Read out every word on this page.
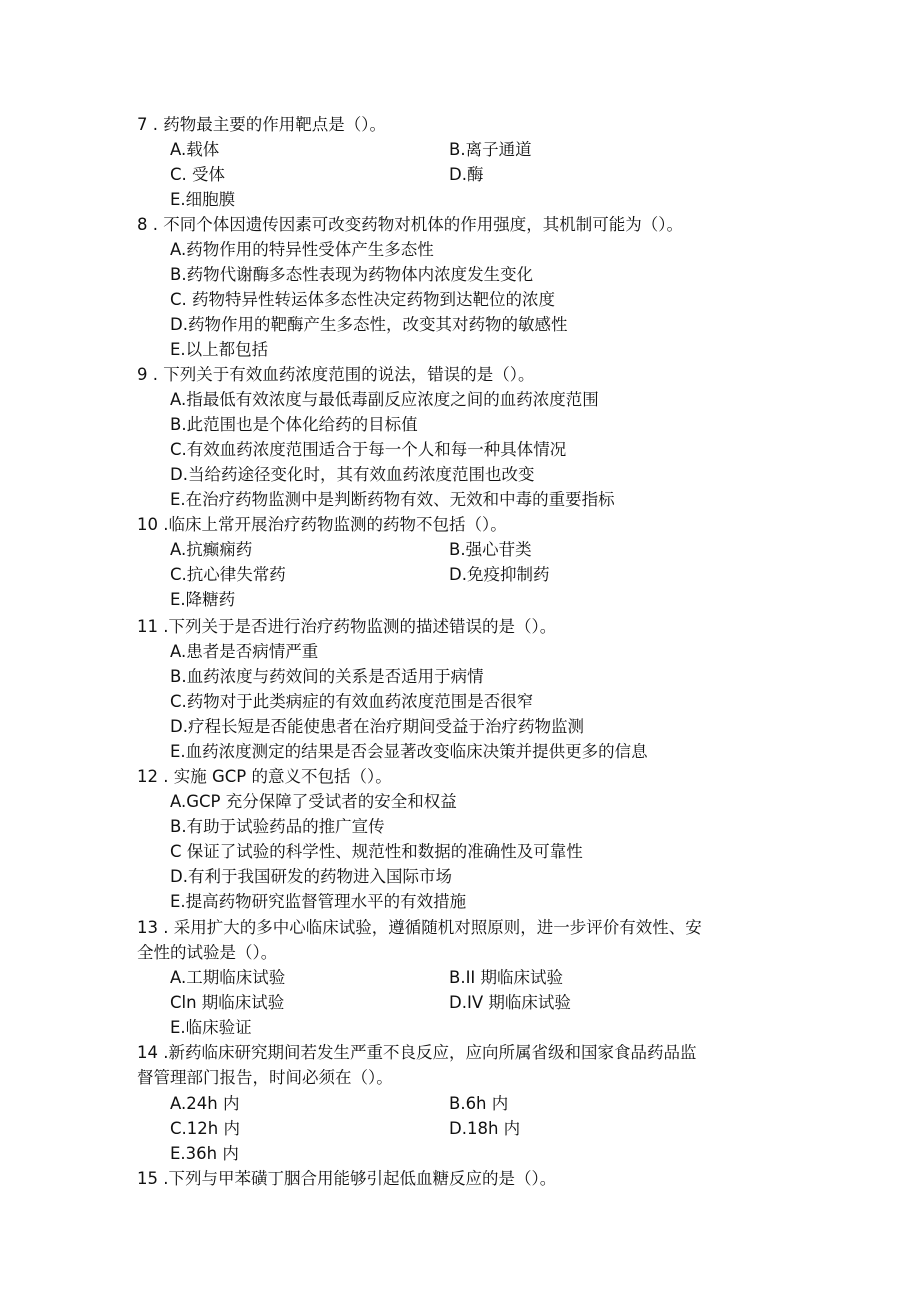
7 . 药物最主要的作用靶点是（）。
A.载体	B.离子通道
C. 受体	D.酶
E.细胞膜
8 . 不同个体因遗传因素可改变药物对机体的作用强度，其机制可能为（）。
A.药物作用的特异性受体产生多态性
B.药物代谢酶多态性表现为药物体内浓度发生变化
C. 药物特异性转运体多态性决定药物到达靶位的浓度
D.药物作用的靶酶产生多态性，改变其对药物的敏感性
E.以上都包括
9 . 下列关于有效血药浓度范围的说法，错误的是（）。
A.指最低有效浓度与最低毒副反应浓度之间的血药浓度范围
B.此范围也是个体化给药的目标值
C.有效血药浓度范围适合于每一个人和每一种具体情况
D.当给药途径变化时，其有效血药浓度范围也改变
E.在治疗药物监测中是判断药物有效、无效和中毒的重要指标
10 .临床上常开展治疗药物监测的药物不包括（）。
A.抗癫痫药	B.强心苷类
C.抗心律失常药	D.免疫抑制药
E.降糖药
11 .下列关于是否进行治疗药物监测的描述错误的是（）。
A.患者是否病情严重
B.血药浓度与药效间的关系是否适用于病情
C.药物对于此类病症的有效血药浓度范围是否很窄
D.疗程长短是否能使患者在治疗期间受益于治疗药物监测
E.血药浓度测定的结果是否会显著改变临床决策并提供更多的信息
12 . 实施 GCP 的意义不包括（）。
A.GCP 充分保障了受试者的安全和权益
B.有助于试验药品的推广宣传
C 保证了试验的科学性、规范性和数据的准确性及可靠性
D.有利于我国研发的药物进入国际市场
E.提高药物研究监督管理水平的有效措施
13 . 采用扩大的多中心临床试验，遵循随机对照原则，进一步评价有效性、安
全性的试验是（）。
A.工期临床试验	B.II 期临床试验
Cln 期临床试验	D.IV 期临床试验
E.临床验证
14 .新药临床研究期间若发生严重不良反应，应向所属省级和国家食品药品监
督管理部门报告，时间必须在（）。
A.24h 内	B.6h 内
C.12h 内	D.18h 内
E.36h 内
15 .下列与甲苯磺丁胭合用能够引起低血糖反应的是（）。
